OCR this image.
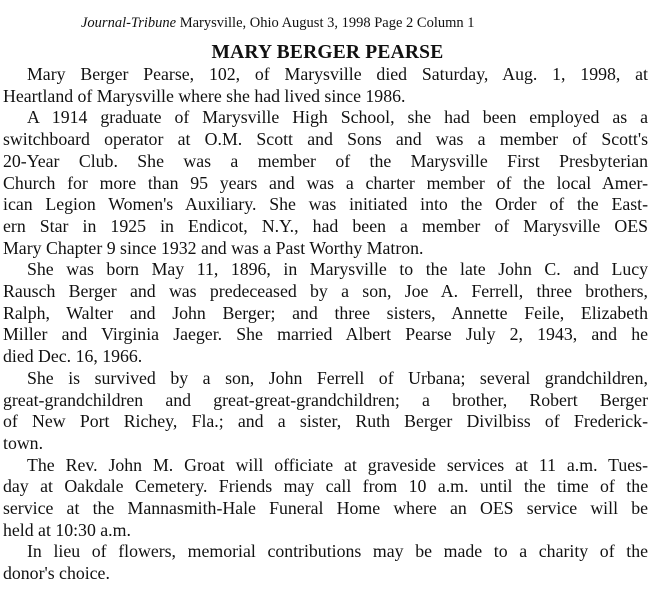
Journal-Tribune Marysville, Ohio August 3, 1998 Page 2 Column 1
MARY BERGER PEARSE
Mary Berger Pearse, 102, of Marysville died Saturday, Aug. 1, 1998, at
Heartland of Marysville where she had lived since 1986.
A 1914 graduate of Marysville High School, she had been employed as a
switchboard operator at O.M. Scott and Sons and was a member of Scott's
20-Year Club. She was a member of the Marysville First Presbyterian
Church for more than 95 years and was a charter member of the local Amer-
ican Legion Women's Auxiliary. She was initiated into the Order of the East-
ern Star in 1925 in Endicot, N.Y., had been a member of Marysville OES
Mary Chapter 9 since 1932 and was a Past Worthy Matron.
She was born May 11, 1896, in Marysville to the late John C. and Lucy
Rausch Berger and was predeceased by a son, Joe A. Ferrell, three brothers,
Ralph, Walter and John Berger; and three sisters, Annette Feile, Elizabeth
Miller and Virginia Jaeger. She married Albert Pearse July 2, 1943, and he
died Dec. 16, 1966.
She is survived by a son, John Ferrell of Urbana; several grandchildren,
great-grandchildren and great-great-grandchildren; a brother, Robert Berger
of New Port Richey, Fla.; and a sister, Ruth Berger Divilbiss of Frederick-
town.
The Rev. John M. Groat will officiate at graveside services at 11 a.m. Tues-
day at Oakdale Cemetery. Friends may call from 10 a.m. until the time of the
service at the Mannasmith-Hale Funeral Home where an OES service will be
held at 10:30 a.m.
In lieu of flowers, memorial contributions may be made to a charity of the
donor's choice.
